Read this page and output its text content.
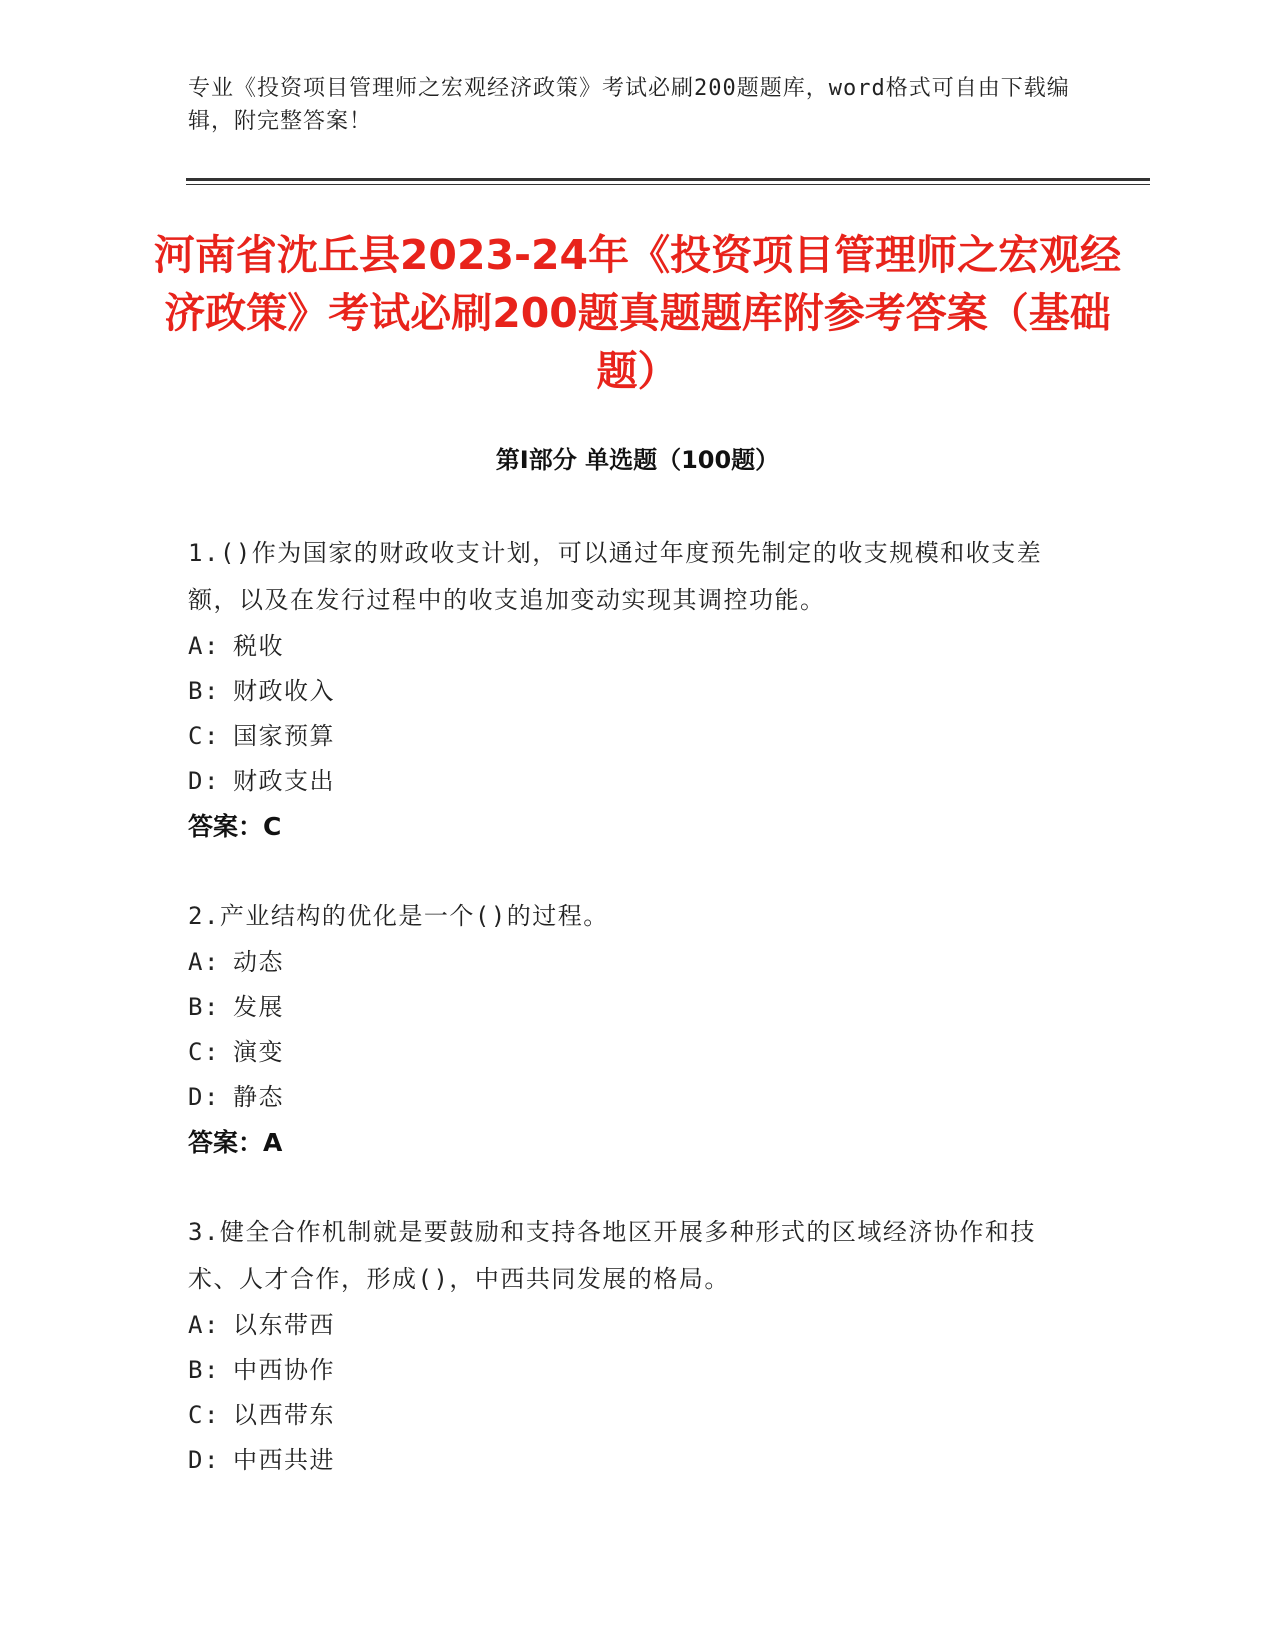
专业《投资项目管理师之宏观经济政策》考试必刷200题题库，word格式可自由下载编辑，附完整答案！
河南省沈丘县2023-24年《投资项目管理师之宏观经济政策》考试必刷200题真题题库附参考答案（基础题）
第Ⅰ部分 单选题（100题）
1.()作为国家的财政收支计划，可以通过年度预先制定的收支规模和收支差额，以及在发行过程中的收支追加变动实现其调控功能。
A: 税收
B: 财政收入
C: 国家预算
D: 财政支出
答案：C
2.产业结构的优化是一个()的过程。
A: 动态
B: 发展
C: 演变
D: 静态
答案：A
3.健全合作机制就是要鼓励和支持各地区开展多种形式的区域经济协作和技术、人才合作，形成()，中西共同发展的格局。
A: 以东带西
B: 中西协作
C: 以西带东
D: 中西共进
